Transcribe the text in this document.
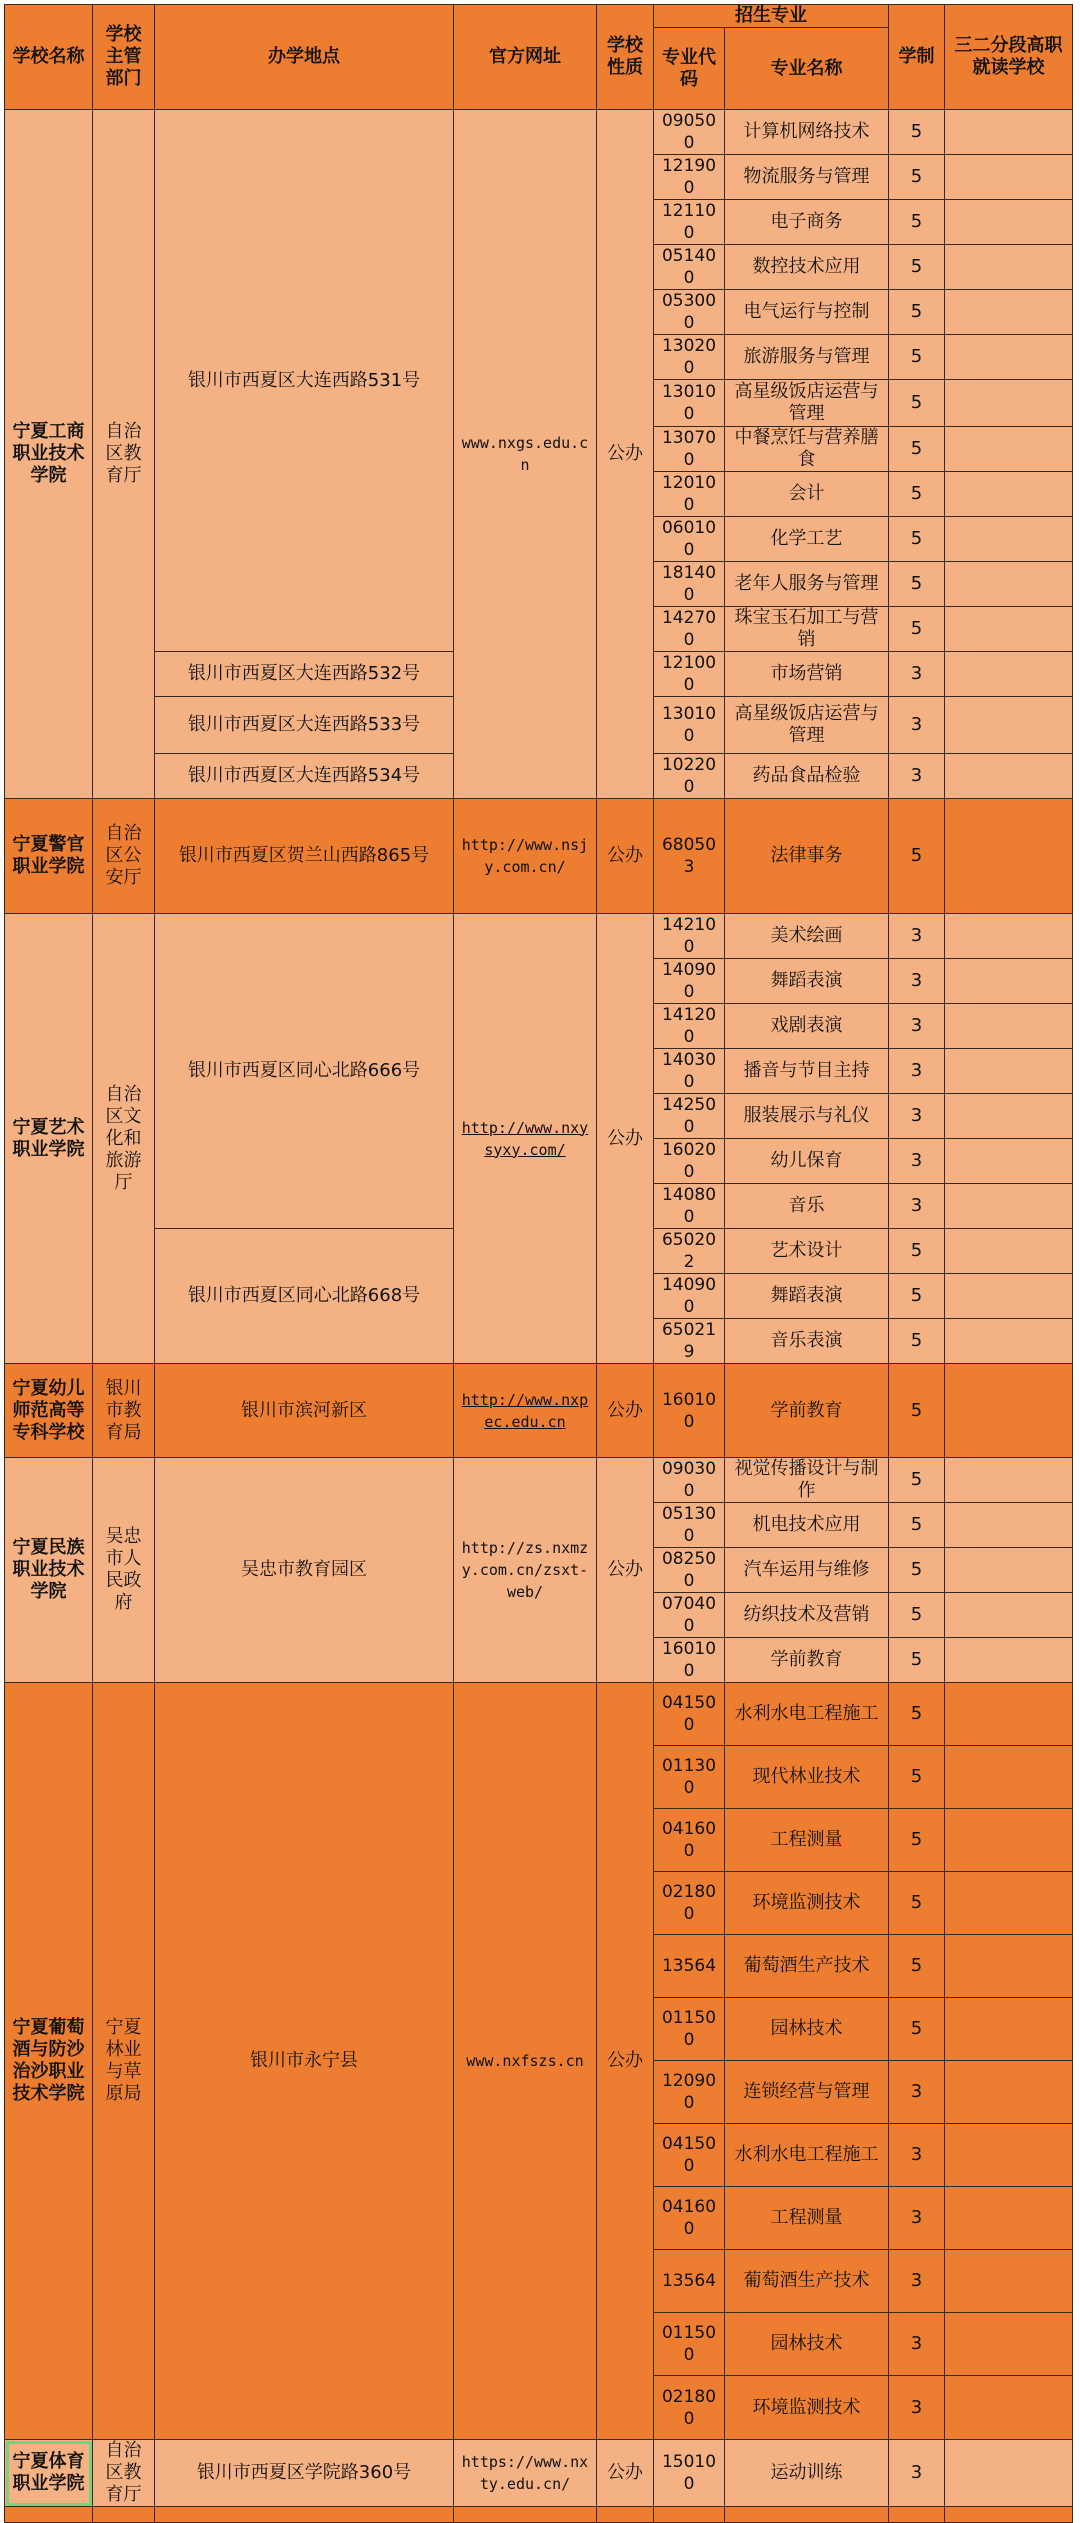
学校名称	学校主管部门	办学地点	官方网址	学校性质	招生专业		学制	三二分段高职就读学校
					专业代码	专业名称		
宁夏工商职业技术学院	自治区教育厅	银川市西夏区大连西路531号	www.nxgs.edu.cn	公办	090500	计算机网络技术	5	
					121900	物流服务与管理	5	
					121100	电子商务	5	
					051400	数控技术应用	5	
					053000	电气运行与控制	5	
					130200	旅游服务与管理	5	
					130100	高星级饭店运营与管理	5	
					130700	中餐烹饪与营养膳食	5	
					120100	会计	5	
					060100	化学工艺	5	
					181400	老年人服务与管理	5	
					142700	珠宝玉石加工与营销	5	
		银川市西夏区大连西路532号			121000	市场营销	3	
		银川市西夏区大连西路533号			130100	高星级饭店运营与管理	3	
		银川市西夏区大连西路534号			102200	药品食品检验	3	
宁夏警官职业学院	自治区公安厅	银川市西夏区贺兰山西路865号	http://www.nsjy.com.cn/	公办	680503	法律事务	5	
宁夏艺术职业学院	自治区文化和旅游厅	银川市西夏区同心北路666号	http://www.nxysyxy.com/	公办	142100	美术绘画	3	
					140900	舞蹈表演	3	
					141200	戏剧表演	3	
					140300	播音与节目主持	3	
					142500	服装展示与礼仪	3	
					160200	幼儿保育	3	
					140800	音乐	3	
		银川市西夏区同心北路668号			650202	艺术设计	5	
					140900	舞蹈表演	5	
					650219	音乐表演	5	
宁夏幼儿师范高等专科学校	银川市教育局	银川市滨河新区	http://www.nxpec.edu.cn	公办	160100	学前教育	5	
宁夏民族职业技术学院	吴忠市人民政府	吴忠市教育园区	http://zs.nxmzy.com.cn/zsxt-web/	公办	090300	视觉传播设计与制作	5	
					051300	机电技术应用	5	
					082500	汽车运用与维修	5	
					070400	纺织技术及营销	5	
					160100	学前教育	5	
宁夏葡萄酒与防沙治沙职业技术学院	宁夏林业与草原局	银川市永宁县	www.nxfszs.cn	公办	041500	水利水电工程施工	5	
					011300	现代林业技术	5	
					041600	工程测量	5	
					021800	环境监测技术	5	
					13564	葡萄酒生产技术	5	
					011500	园林技术	5	
					120900	连锁经营与管理	3	
					041500	水利水电工程施工	3	
					041600	工程测量	3	
					13564	葡萄酒生产技术	3	
					011500	园林技术	3	
					021800	环境监测技术	3	
宁夏体育职业学院	自治区教育厅	银川市西夏区学院路360号	https://www.nxty.edu.cn/	公办	150100	运动训练	3	
